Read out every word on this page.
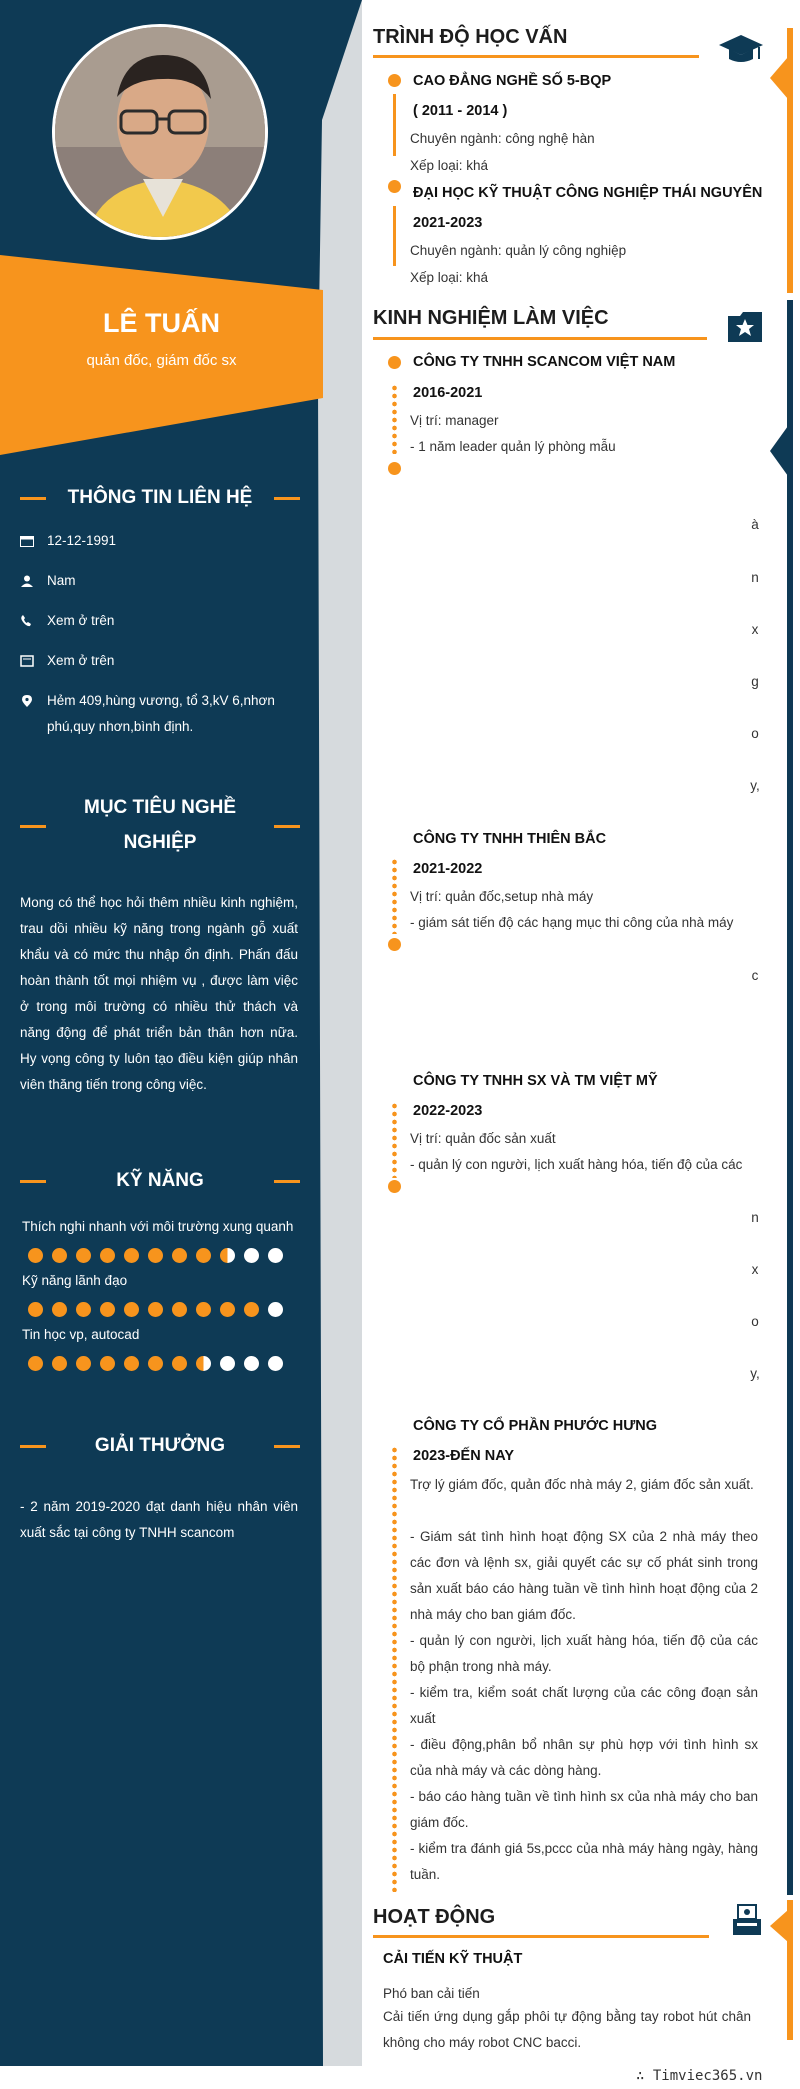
LÊ TUẤN
quản đốc, giám đốc sx
THÔNG TIN LIÊN HỆ
12-12-1991
Nam
Xem ở trên
Xem ở trên
Hẻm 409,hùng vương, tổ 3,kV 6,nhơn phú,quy nhơn,bình định.
MỤC TIÊU NGHỀ
NGHIỆP
Mong có thể học hỏi thêm nhiều kinh nghiệm, trau dồi nhiều kỹ năng trong ngành gỗ xuất khẩu và có mức thu nhập ổn định. Phấn đấu hoàn thành tốt mọi nhiệm vụ , được làm việc ở trong môi trường có nhiều thử thách và năng động để phát triển bản thân hơn nữa. Hy vọng công ty luôn tạo điều kiện giúp nhân viên thăng tiến trong công việc.
KỸ NĂNG
Thích nghi nhanh với môi trường xung quanh
Kỹ năng lãnh đạo
Tin học vp, autocad
GIẢI THƯỞNG
- 2 năm 2019-2020 đạt danh hiệu nhân viên xuất sắc tại công ty TNHH scancom
TRÌNH ĐỘ HỌC VẤN
CAO ĐẲNG NGHỀ SỐ 5-BQP
( 2011 - 2014 )
Chuyên ngành: công nghệ hàn
Xếp loại: khá
ĐẠI HỌC KỸ THUẬT CÔNG NGHIỆP THÁI NGUYÊN
2021-2023
Chuyên ngành: quản lý công nghiệp
Xếp loại: khá
KINH NGHIỆM LÀM VIỆC
CÔNG TY TNHH SCANCOM VIỆT NAM
2016-2021
Vị trí: manager
- 1 năm leader quản lý phòng mẫu
à
n
x
g
o
y,
CÔNG TY TNHH THIÊN BẮC
2021-2022
Vị trí: quản đốc,setup nhà máy
- giám sát tiến độ các hạng mục thi công của nhà máy
c
CÔNG TY TNHH SX VÀ TM VIỆT MỸ
2022-2023
Vị trí: quản đốc sản xuất
- quản lý con người, lịch xuất hàng hóa, tiến độ của các
n
x
o
y,
CÔNG TY CỔ PHẦN PHƯỚC HƯNG
2023-ĐẾN NAY
Trợ lý giám đốc, quản đốc nhà máy 2, giám đốc sản xuất.
- Giám sát tình hình hoạt động SX của 2 nhà máy theo các đơn và lệnh sx, giải quyết các sự cố phát sinh trong sản xuất báo cáo hàng tuần về tình hình hoạt động của 2 nhà máy cho ban giám đốc.
- quản lý con người, lịch xuất hàng hóa, tiến độ của các bộ phận trong nhà máy.
- kiểm tra, kiểm soát chất lượng của các công đoạn sản xuất
- điều động,phân bổ nhân sự phù hợp với tình hình sx của nhà máy và các dòng hàng.
- báo cáo hàng tuần về tình hình sx của nhà máy cho ban giám đốc.
- kiểm tra đánh giá 5s,pccc của nhà máy hàng ngày, hàng tuần.
HOẠT ĐỘNG
CẢI TIẾN KỸ THUẬT
Phó ban cải tiến
Cải tiến ứng dụng gắp phôi tự động bằng tay robot hút chân không cho máy robot CNC bacci.
∴ Timviec365.vn
